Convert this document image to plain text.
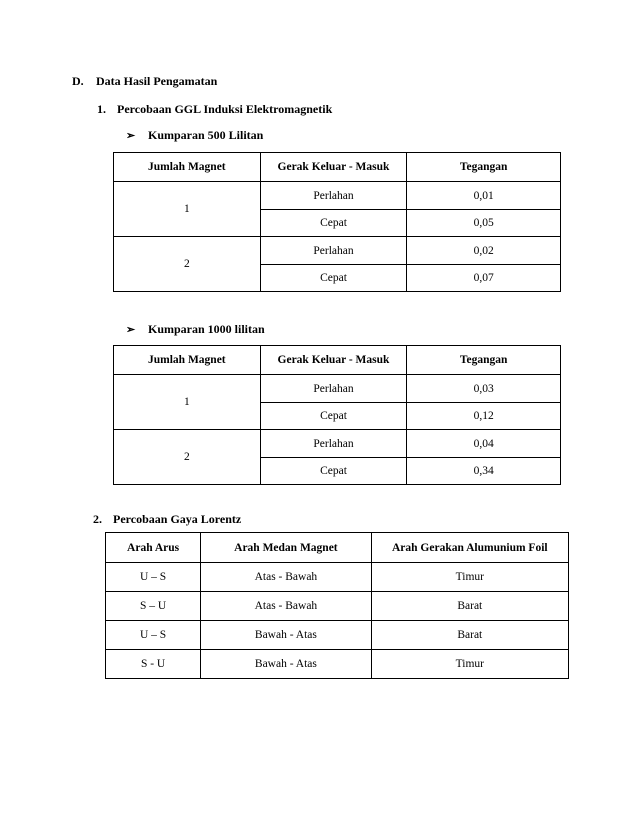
D. Data Hasil Pengamatan
1. Percobaan GGL Induksi Elektromagnetik
➢ Kumparan 500 Lilitan
Jumlah Magnet	Gerak Keluar - Masuk	Tegangan
1	Perlahan	0,01
	Cepat	0,05
2	Perlahan	0,02
	Cepat	0,07
➢ Kumparan 1000 lilitan
Jumlah Magnet	Gerak Keluar - Masuk	Tegangan
1	Perlahan	0,03
	Cepat	0,12
2	Perlahan	0,04
	Cepat	0,34
2. Percobaan Gaya Lorentz
Arah Arus	Arah Medan Magnet	Arah Gerakan Alumunium Foil
U – S	Atas - Bawah	Timur
S – U	Atas - Bawah	Barat
U – S	Bawah - Atas	Barat
S - U	Bawah - Atas	Timur
